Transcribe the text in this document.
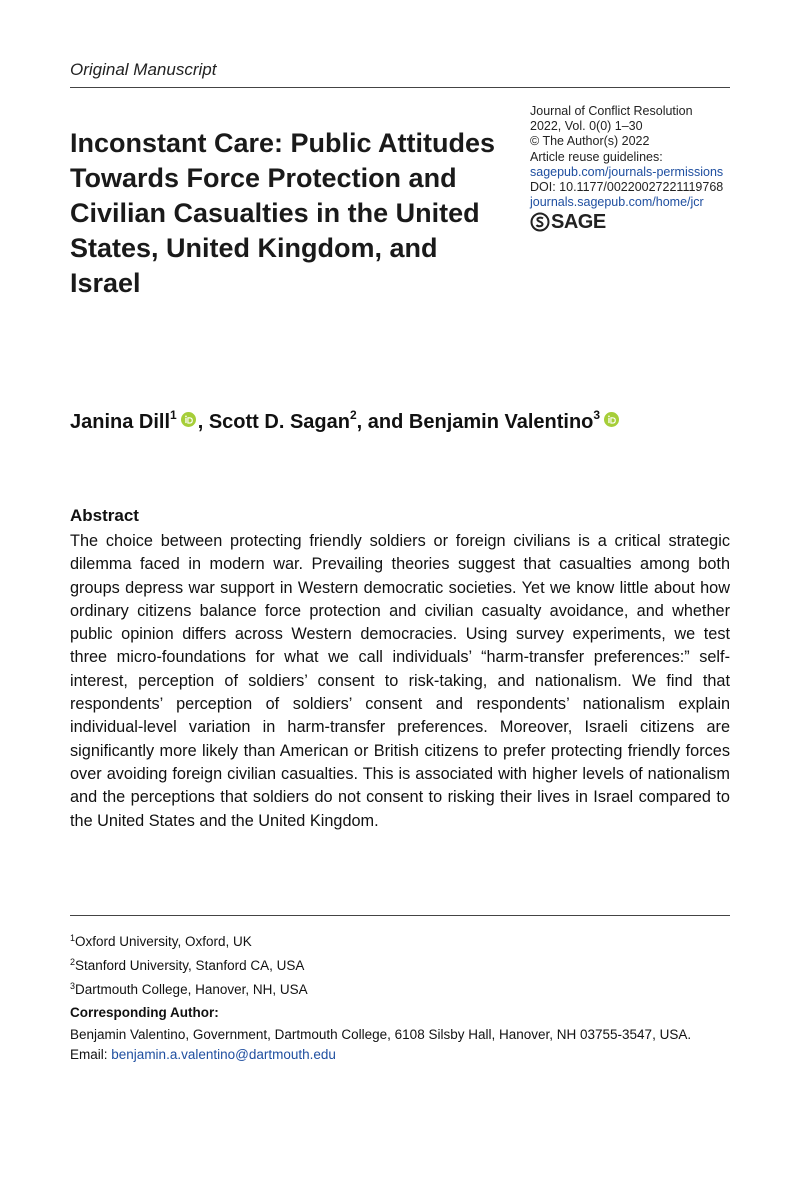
Original Manuscript
Inconstant Care: Public Attitudes Towards Force Protection and Civilian Casualties in the United States, United Kingdom, and Israel
Journal of Conflict Resolution
2022, Vol. 0(0) 1–30
© The Author(s) 2022
Article reuse guidelines:
sagepub.com/journals-permissions
DOI: 10.1177/00220027221119768
journals.sagepub.com/home/jcr
SAGE
Janina Dill$^1$ , Scott D. Sagan$^2$, and Benjamin Valentino$^3$
Abstract

The choice between protecting friendly soldiers or foreign civilians is a critical strategic dilemma faced in modern war. Prevailing theories suggest that casualties among both groups depress war support in Western democratic societies. Yet we know little about how ordinary citizens balance force protection and civilian casualty avoidance, and whether public opinion differs across Western democracies. Using survey experiments, we test three micro-foundations for what we call individuals’ “harm-transfer preferences:” self-interest, perception of soldiers’ consent to risk-taking, and nationalism. We find that respondents’ perception of soldiers’ consent and respondents’ nationalism explain individual-level variation in harm-transfer preferences. Moreover, Israeli citizens are significantly more likely than American or British citizens to prefer protecting friendly forces over avoiding foreign civilian casualties. This is associated with higher levels of nationalism and the perceptions that soldiers do not consent to risking their lives in Israel compared to the United States and the United Kingdom.

$^1$Oxford University, Oxford, UK
$^2$Stanford University, Stanford CA, USA
$^3$Dartmouth College, Hanover, NH, USA
Corresponding Author:
Benjamin Valentino, Government, Dartmouth College, 6108 Silsby Hall, Hanover, NH 03755-3547, USA.
Email: benjamin.a.valentino@dartmouth.edu
